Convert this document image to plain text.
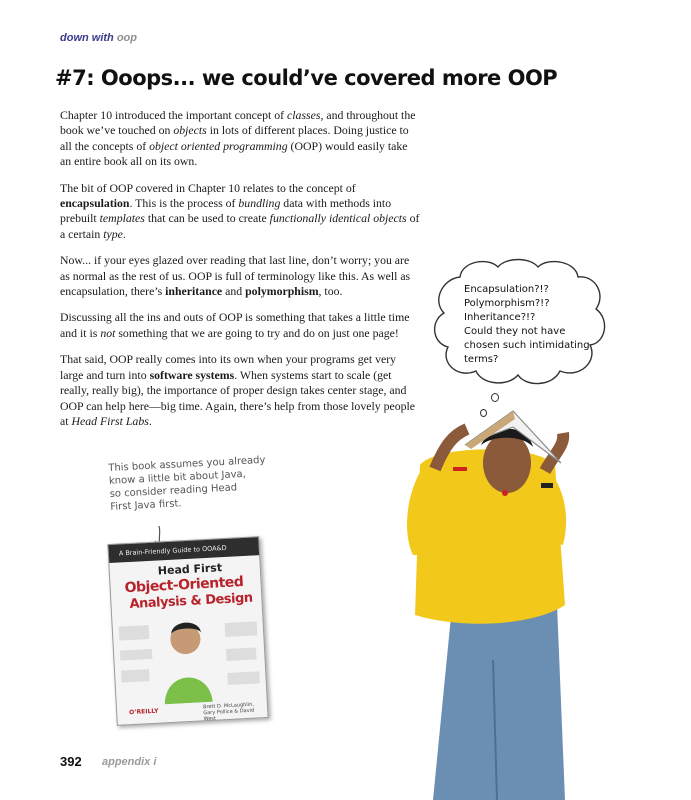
down with oop
#7: Ooops... we could’ve covered more OOP

Chapter 10 introduced the important concept of classes, and throughout the book we’ve touched on objects in lots of different places. Doing justice to all the concepts of object oriented programming (OOP) would easily take an entire book all on its own.

The bit of OOP covered in Chapter 10 relates to the concept of encapsulation. This is the process of bundling data with methods into prebuilt templates that can be used to create functionally identical objects of a certain type.

Now... if your eyes glazed over reading that last line, don’t worry; you are as normal as the rest of us. OOP is full of terminology like this. As well as encapsulation, there’s inheritance and polymorphism, too.

Discussing all the ins and outs of OOP is something that takes a little time and it is not something that we are going to try and do on just one page!

That said, OOP really comes into its own when your programs get very large and turn into software systems. When systems start to scale (get really, really big), the importance of proper design takes center stage, and OOP can help here—big time. Again, there’s help from those lovely people at Head First Labs.

Encapsulation?!?
Polymorphism?!?
Inheritance?!?
Could they not have
chosen such intimidating
terms?
This book assumes you already
know a little bit about Java,
so consider reading Head
First Java first.
A Brain-Friendly Guide to OOA&D
Head First
Object-Oriented
Analysis & Design
O’REILLY
Brett D. McLaughlin, Gary Pollice & David West
392 appendix i
